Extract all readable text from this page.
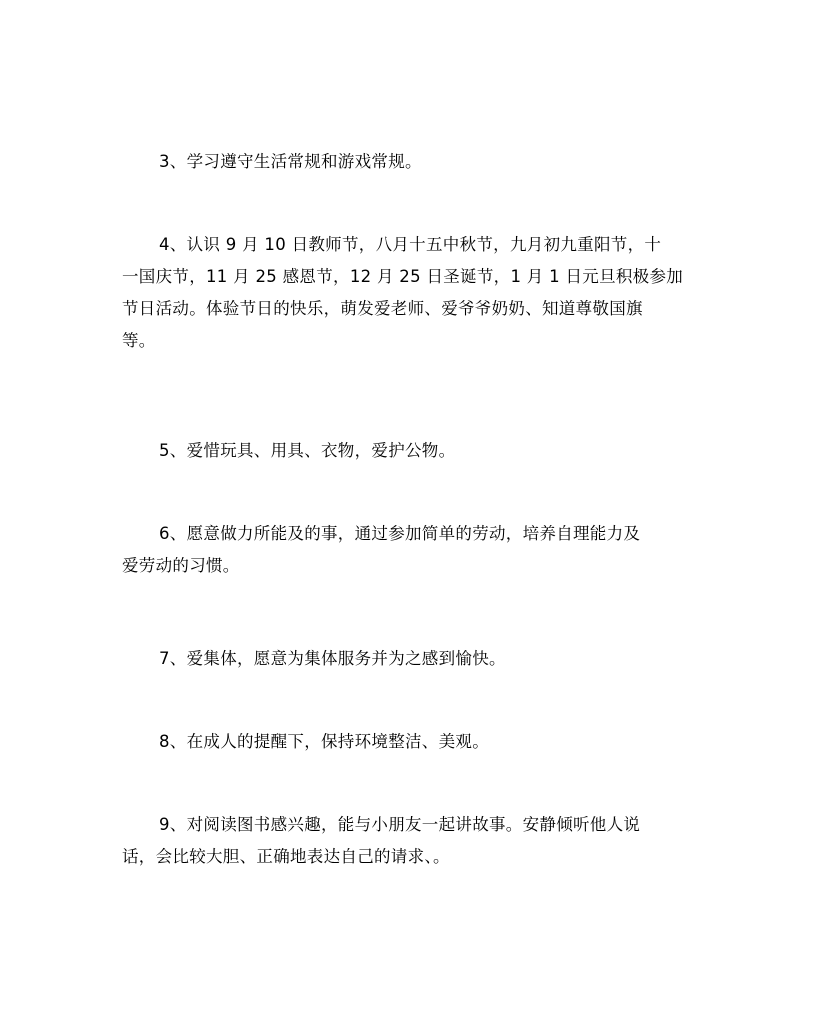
3、学习遵守生活常规和游戏常规。

4、认识 9 月 10 日教师节，八月十五中秋节，九月初九重阳节，十
一国庆节，11 月 25 感恩节，12 月 25 日圣诞节，1 月 1 日元旦积极参加
节日活动。体验节日的快乐，萌发爱老师、爱爷爷奶奶、知道尊敬国旗
等。

5、爱惜玩具、用具、衣物，爱护公物。

6、愿意做力所能及的事，通过参加简单的劳动，培养自理能力及
爱劳动的习惯。

7、爱集体，愿意为集体服务并为之感到愉快。

8、在成人的提醒下，保持环境整洁、美观。

9、对阅读图书感兴趣，能与小朋友一起讲故事。安静倾听他人说
话，会比较大胆、正确地表达自己的请求、。
